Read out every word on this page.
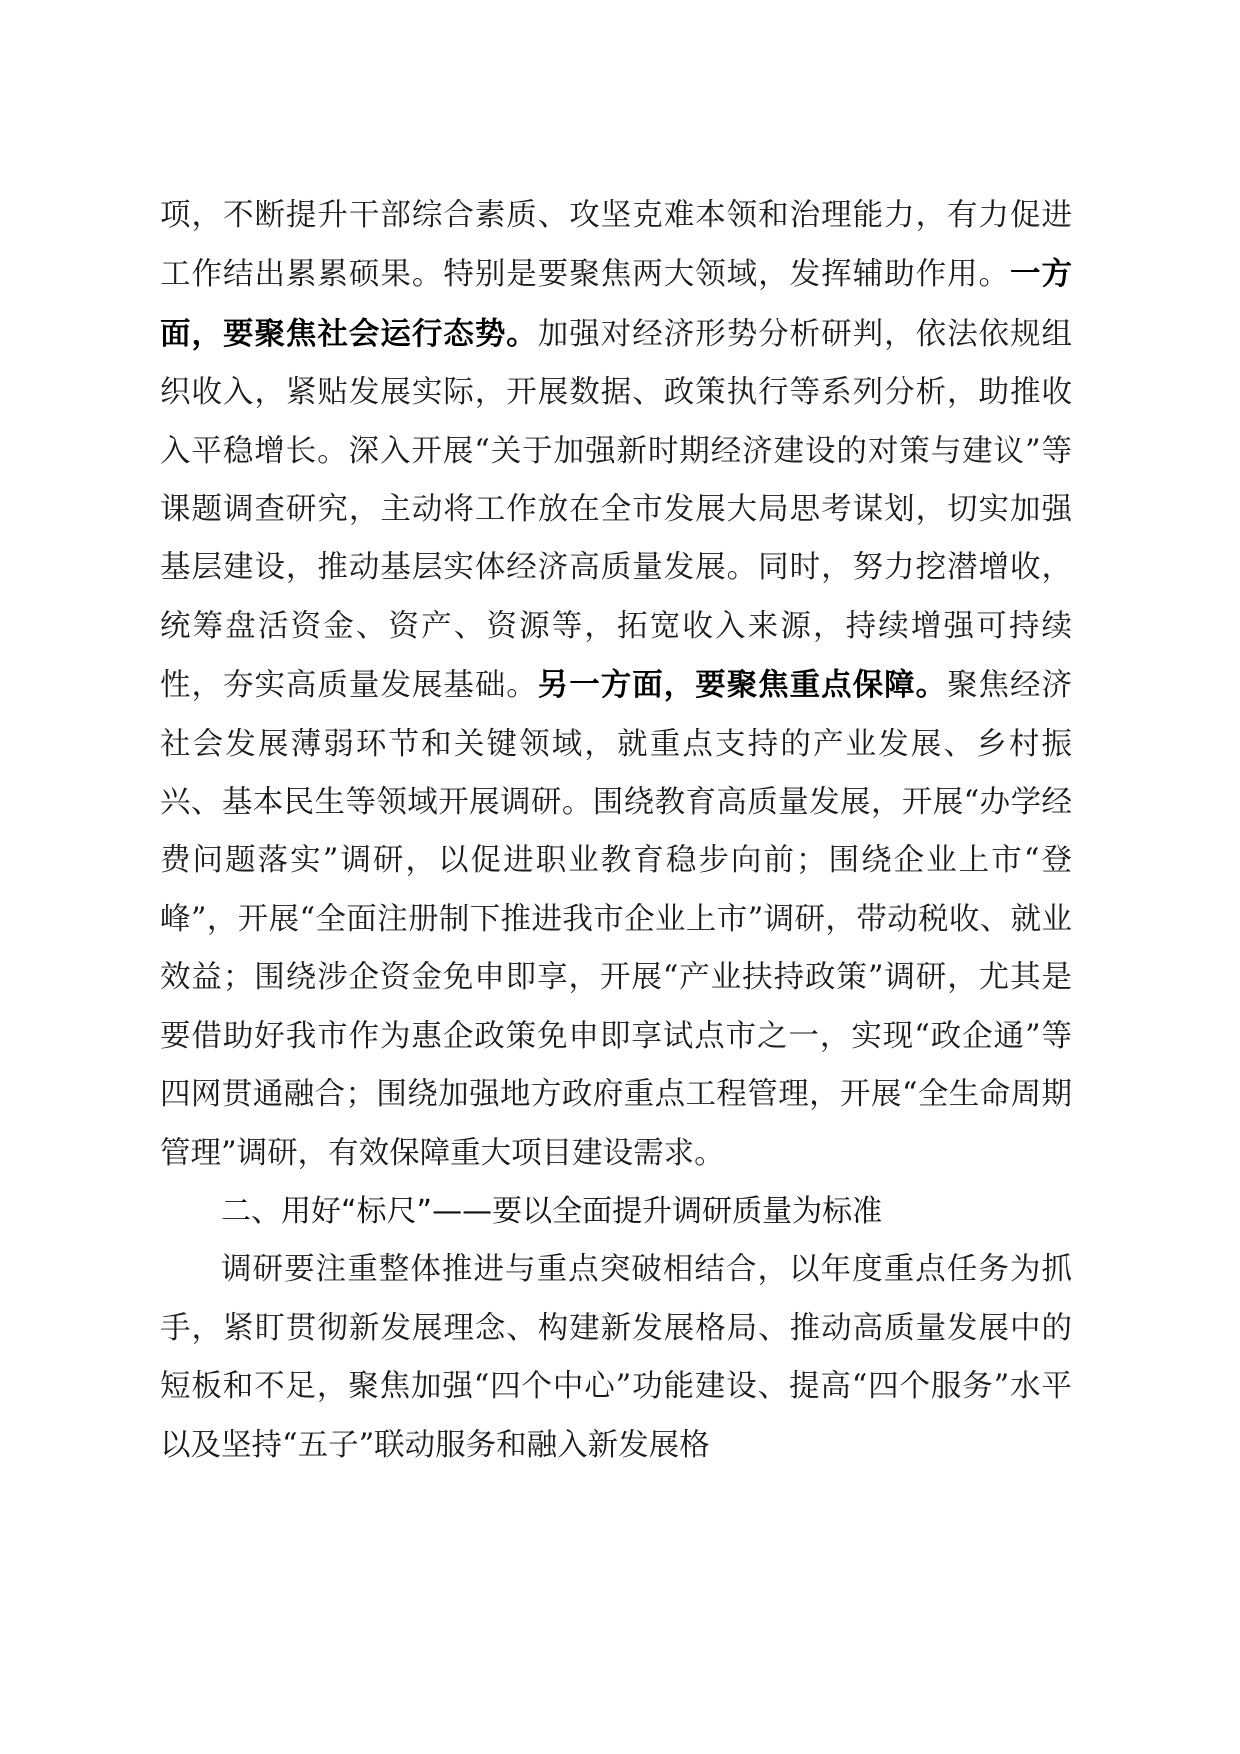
项，不断提升干部综合素质、攻坚克难本领和治理能力，有力促进工作结出累累硕果。特别是要聚焦两大领域，发挥辅助作用。一方面，要聚焦社会运行态势。加强对经济形势分析研判，依法依规组织收入，紧贴发展实际，开展数据、政策执行等系列分析，助推收入平稳增长。深入开展“关于加强新时期经济建设的对策与建议”等课题调查研究，主动将工作放在全市发展大局思考谋划，切实加强基层建设，推动基层实体经济高质量发展。同时，努力挖潜增收，统筹盘活资金、资产、资源等，拓宽收入来源，持续增强可持续性，夯实高质量发展基础。另一方面，要聚焦重点保障。聚焦经济社会发展薄弱环节和关键领域，就重点支持的产业发展、乡村振兴、基本民生等领域开展调研。围绕教育高质量发展，开展“办学经费问题落实”调研，以促进职业教育稳步向前；围绕企业上市“登峰”，开展“全面注册制下推进我市企业上市”调研，带动税收、就业效益；围绕涉企资金免申即享，开展“产业扶持政策”调研，尤其是要借助好我市作为惠企政策免申即享试点市之一，实现“政企通”等四网贯通融合；围绕加强地方政府重点工程管理，开展“全生命周期管理”调研，有效保障重大项目建设需求。

二、用好“标尺”——要以全面提升调研质量为标准

调研要注重整体推进与重点突破相结合，以年度重点任务为抓手，紧盯贯彻新发展理念、构建新发展格局、推动高质量发展中的短板和不足，聚焦加强“四个中心”功能建设、提高“四个服务”水平以及坚持“五子”联动服务和融入新发展格
